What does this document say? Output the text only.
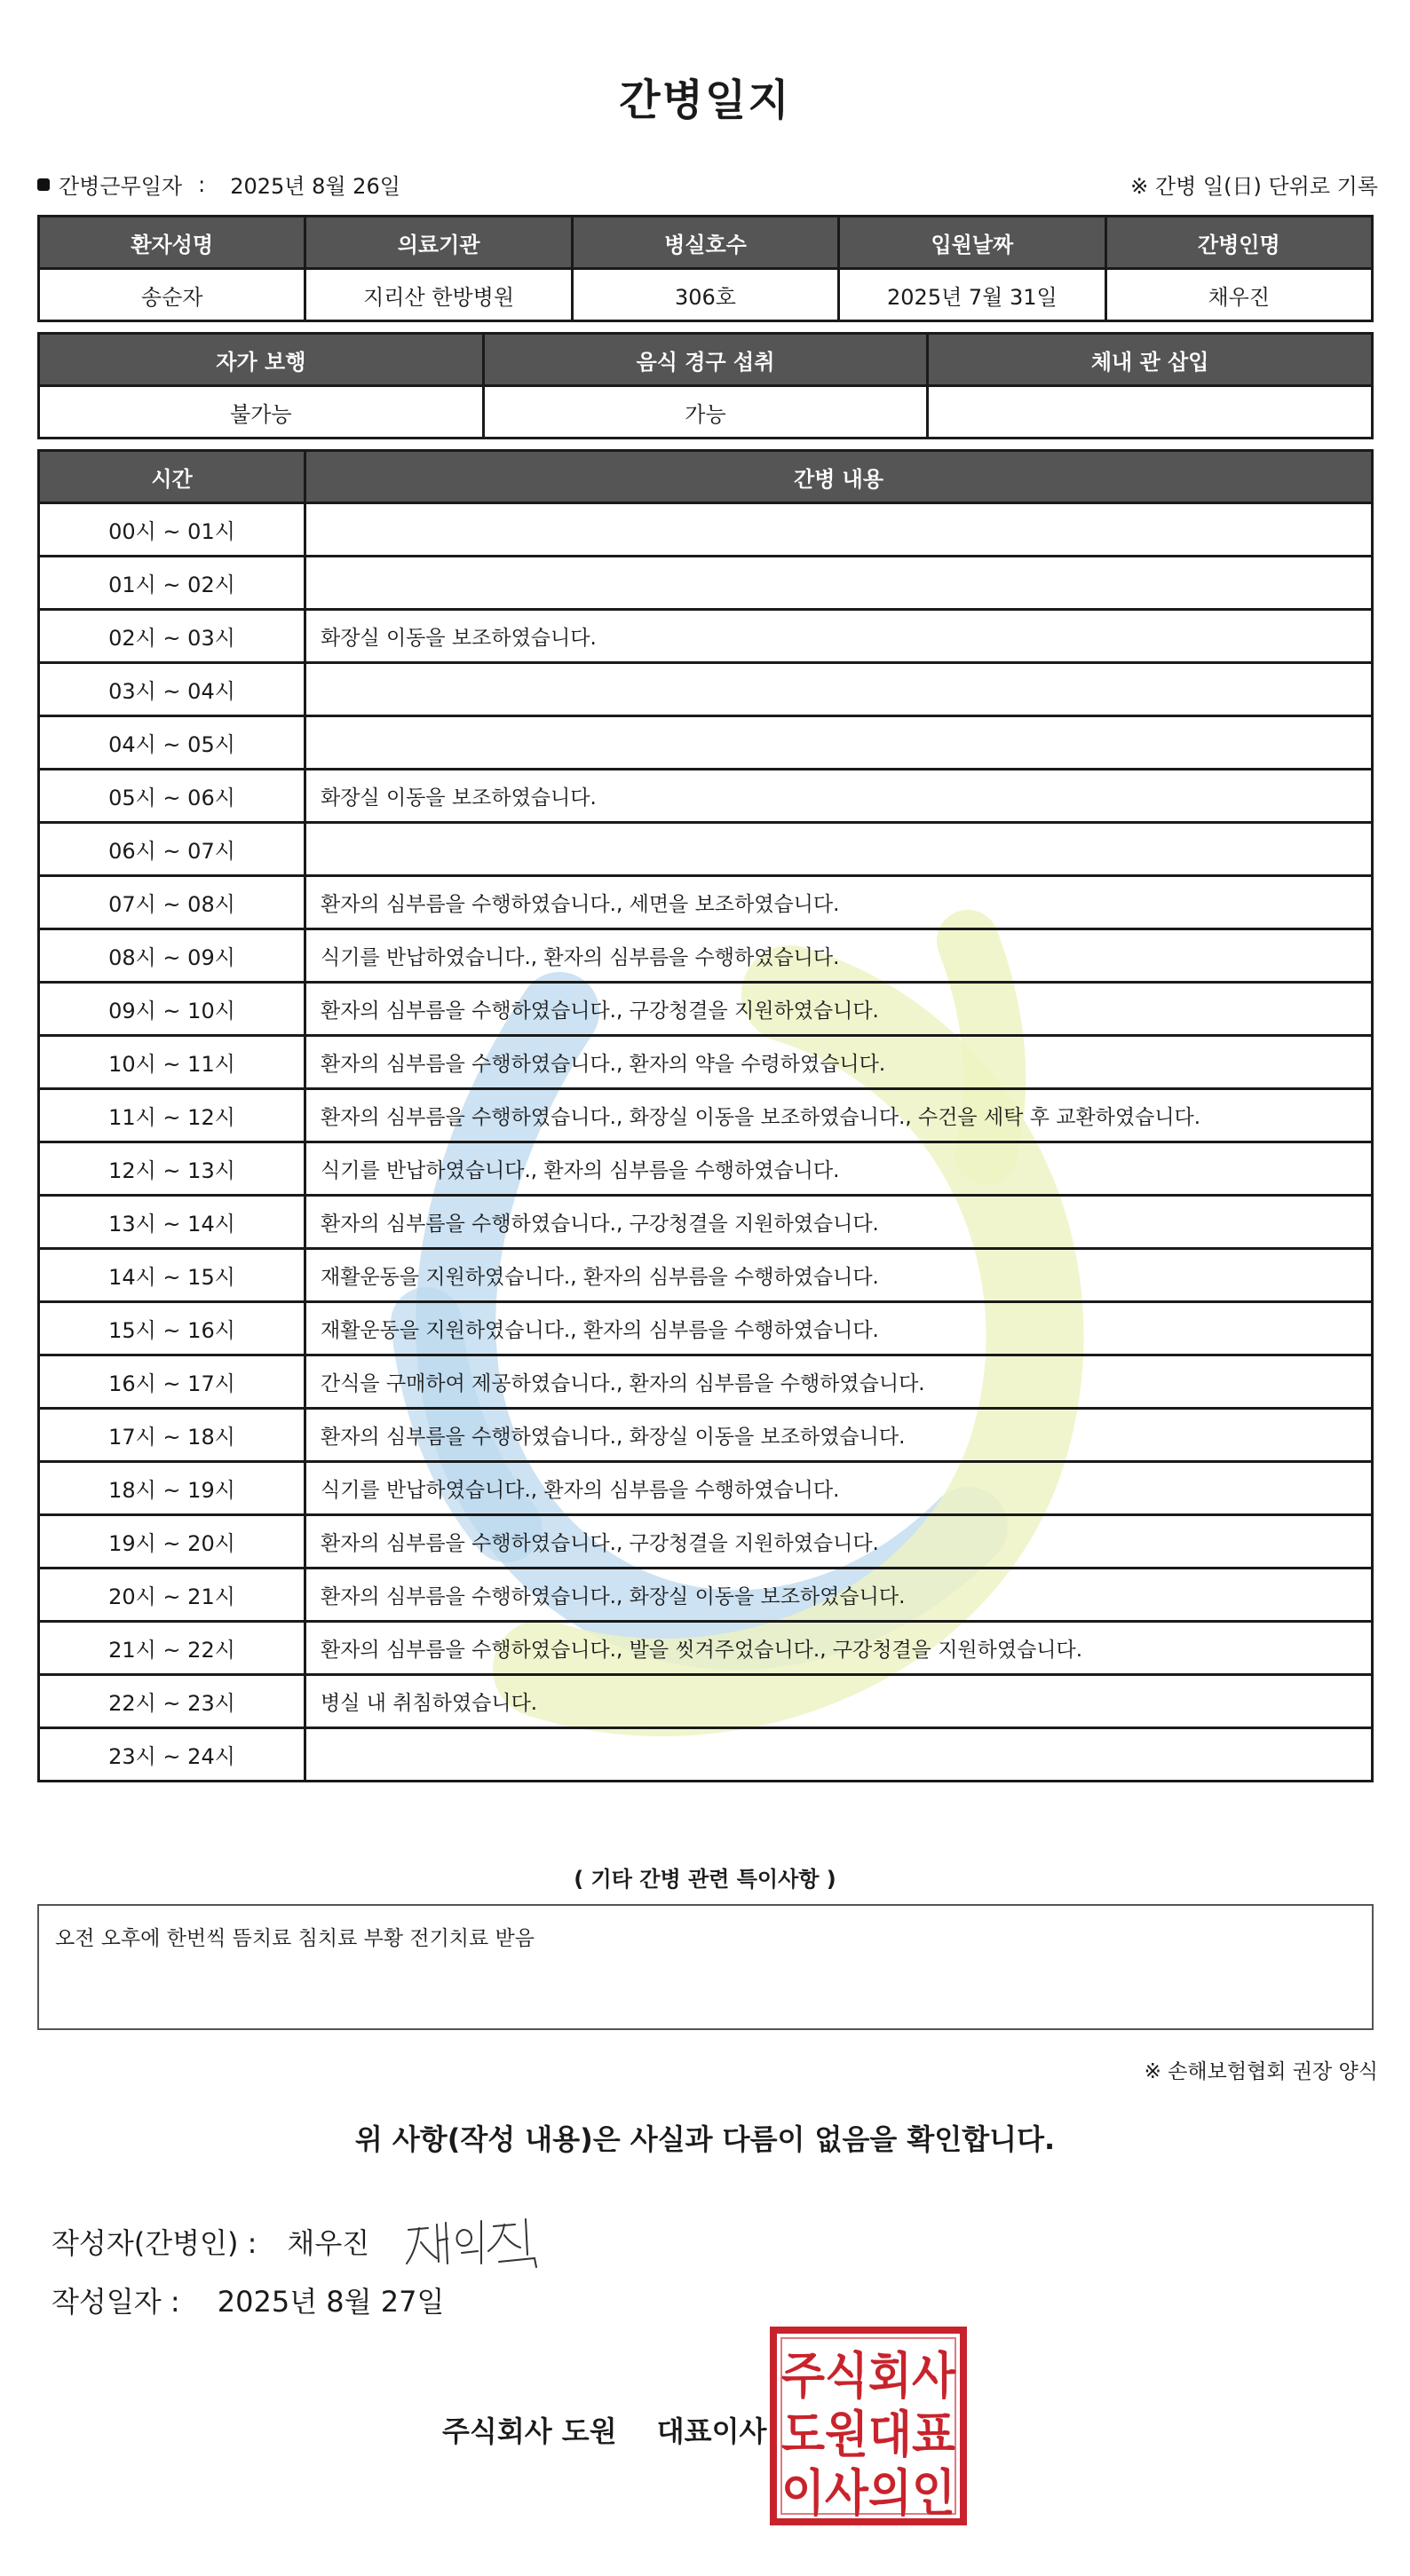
간병일지
간병근무일자 : 2025년 8월 26일	※ 간병 일(日) 단위로 기록
환자성명	의료기관	병실호수	입원날짜	간병인명
송순자	지리산 한방병원	306호	2025년 7월 31일	채우진
자가 보행	음식 경구 섭취	체내 관 삽입
불가능	가능	
시간	간병 내용
00시 ~ 01시	
01시 ~ 02시	
02시 ~ 03시	화장실 이동을 보조하였습니다.
03시 ~ 04시	
04시 ~ 05시	
05시 ~ 06시	화장실 이동을 보조하였습니다.
06시 ~ 07시	
07시 ~ 08시	환자의 심부름을 수행하였습니다., 세면을 보조하였습니다.
08시 ~ 09시	식기를 반납하였습니다., 환자의 심부름을 수행하였습니다.
09시 ~ 10시	환자의 심부름을 수행하였습니다., 구강청결을 지원하였습니다.
10시 ~ 11시	환자의 심부름을 수행하였습니다., 환자의 약을 수령하였습니다.
11시 ~ 12시	환자의 심부름을 수행하였습니다., 화장실 이동을 보조하였습니다., 수건을 세탁 후 교환하였습니다.
12시 ~ 13시	식기를 반납하였습니다., 환자의 심부름을 수행하였습니다.
13시 ~ 14시	환자의 심부름을 수행하였습니다., 구강청결을 지원하였습니다.
14시 ~ 15시	재활운동을 지원하였습니다., 환자의 심부름을 수행하였습니다.
15시 ~ 16시	재활운동을 지원하였습니다., 환자의 심부름을 수행하였습니다.
16시 ~ 17시	간식을 구매하여 제공하였습니다., 환자의 심부름을 수행하였습니다.
17시 ~ 18시	환자의 심부름을 수행하였습니다., 화장실 이동을 보조하였습니다.
18시 ~ 19시	식기를 반납하였습니다., 환자의 심부름을 수행하였습니다.
19시 ~ 20시	환자의 심부름을 수행하였습니다., 구강청결을 지원하였습니다.
20시 ~ 21시	환자의 심부름을 수행하였습니다., 화장실 이동을 보조하였습니다.
21시 ~ 22시	환자의 심부름을 수행하였습니다., 발을 씻겨주었습니다., 구강청결을 지원하였습니다.
22시 ~ 23시	병실 내 취침하였습니다.
23시 ~ 24시	
( 기타 간병 관련 특이사항 )
오전 오후에 한번씩 뜸치료 침치료 부황 전기치료 받음
※ 손해보험협회 권장 양식
위 사항(작성 내용)은 사실과 다름이 없음을 확인합니다.
작성자(간병인) : 채우진
작성일자 : 2025년 8월 27일
주식회사 도원 대표이사
주식회사
도원대표
이사의인
